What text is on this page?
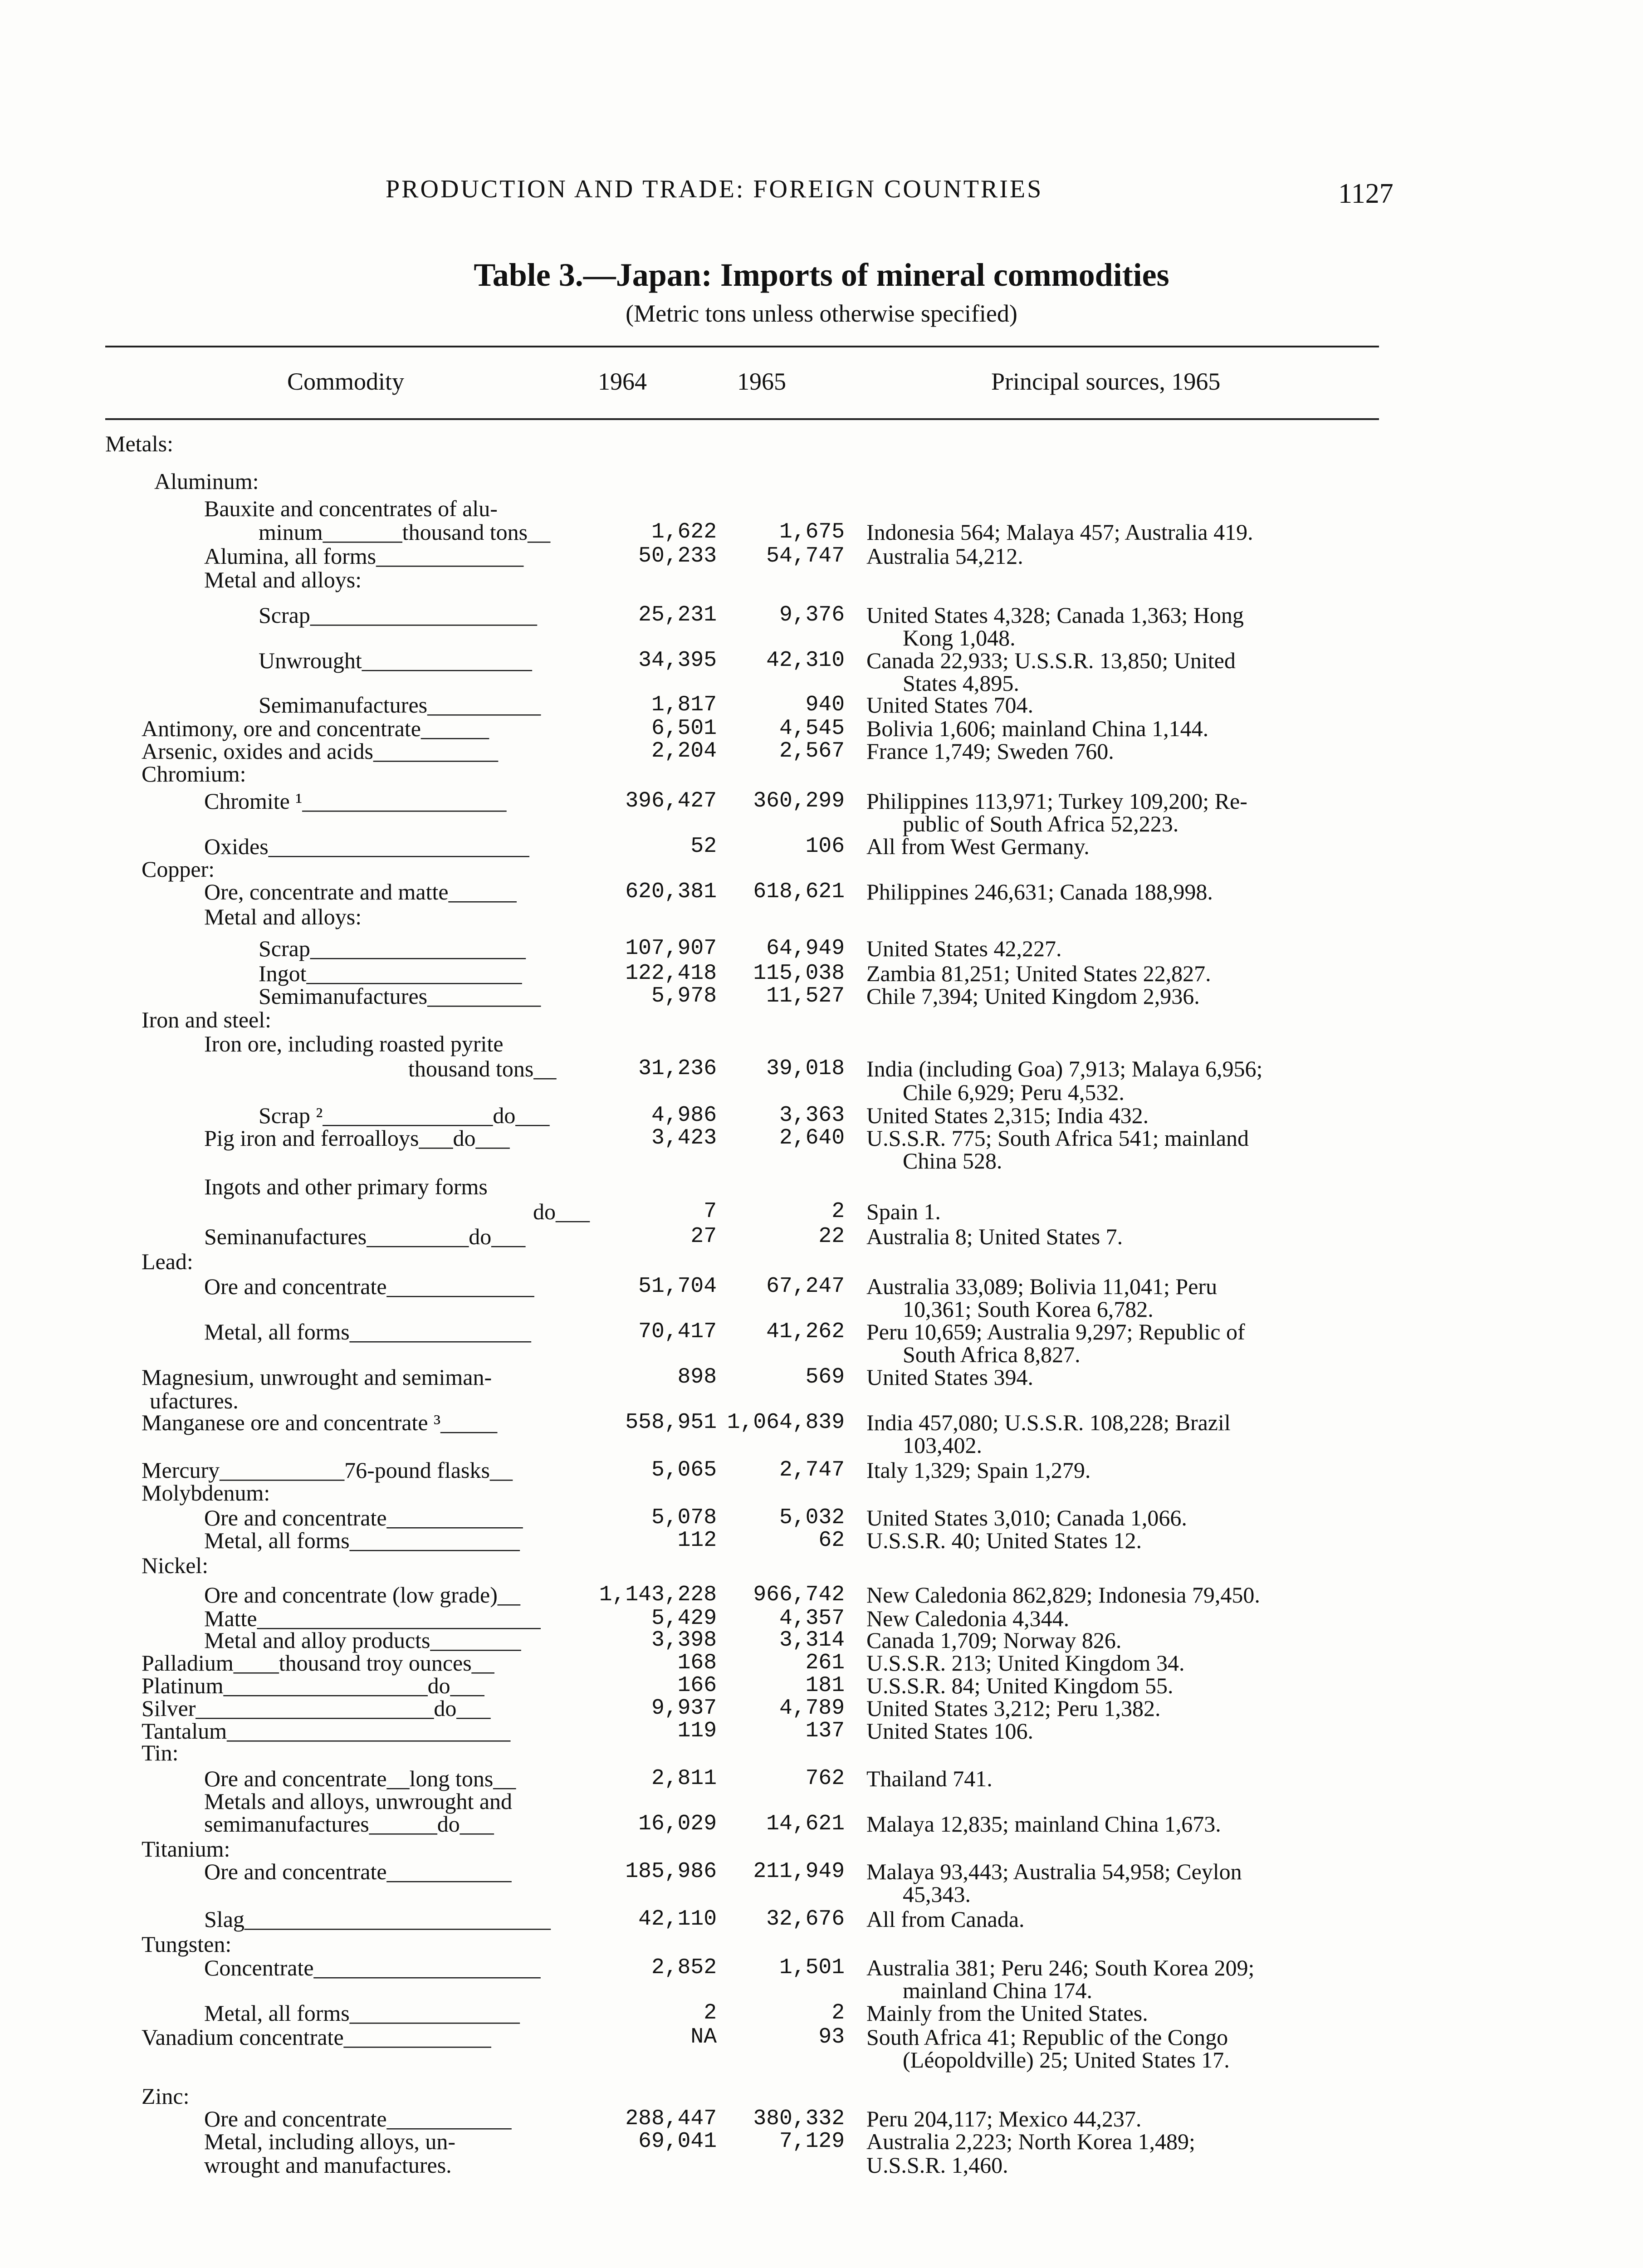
PRODUCTION AND TRADE: FOREIGN COUNTRIES	1127
Table 3.—Japan: Imports of mineral commodities
(Metric tons unless otherwise specified)
Commodity	1964	1965	Principal sources, 1965
Metals:
Aluminum:
Bauxite and concentrates of alu-
minum_______thousand tons__	1,622	1,675 Indonesia 564; Malaya 457; Australia 419.
Alumina, all forms_____________	50,233	54,747 Australia 54,212.
Metal and alloys:
Scrap____________________	25,231	9,376 United States 4,328; Canada 1,363; Hong
Kong 1,048.
Unwrought_______________	34,395	42,310 Canada 22,933; U.S.S.R. 13,850; United
States 4,895.
Semimanufactures__________	1,817	940 United States 704.
Antimony, ore and concentrate______	6,501	4,545 Bolivia 1,606; mainland China 1,144.
Arsenic, oxides and acids___________	2,204	2,567 France 1,749; Sweden 760.
Chromium:
Chromite ¹__________________	396,427	360,299 Philippines 113,971; Turkey 109,200; Re-
public of South Africa 52,223.
Oxides_______________________	52	106 All from West Germany.
Copper:
Ore, concentrate and matte______	620,381	618,621 Philippines 246,631; Canada 188,998.
Metal and alloys:
Scrap___________________	107,907	64,949 United States 42,227.
Ingot___________________	122,418	115,038 Zambia 81,251; United States 22,827.
Semimanufactures__________	5,978	11,527 Chile 7,394; United Kingdom 2,936.
Iron and steel:
Iron ore, including roasted pyrite
thousand tons__	31,236	39,018 India (including Goa) 7,913; Malaya 6,956;
Chile 6,929; Peru 4,532.
Scrap ²_______________do___	4,986	3,363 United States 2,315; India 432.
Pig iron and ferroalloys___do___	3,423	2,640 U.S.S.R. 775; South Africa 541; mainland
China 528.
Ingots and other primary forms
do___	7	2 Spain 1.
Seminanufactures_________do___	27	22 Australia 8; United States 7.
Lead:
Ore and concentrate_____________	51,704	67,247 Australia 33,089; Bolivia 11,041; Peru
10,361; South Korea 6,782.
Metal, all forms________________	70,417	41,262 Peru 10,659; Australia 9,297; Republic of
South Africa 8,827.
Magnesium, unwrought and semiman-	898	569 United States 394.
ufactures.
Manganese ore and concentrate ³_____	558,951 1,064,839 India 457,080; U.S.S.R. 108,228; Brazil
103,402.
Mercury___________76-pound flasks__	5,065	2,747 Italy 1,329; Spain 1,279.
Molybdenum:
Ore and concentrate____________	5,078	5,032 United States 3,010; Canada 1,066.
Metal, all forms_______________	112	62 U.S.S.R. 40; United States 12.
Nickel:
Ore and concentrate (low grade)__	1,143,228	966,742 New Caledonia 862,829; Indonesia 79,450.
Matte_________________________	5,429	4,357 New Caledonia 4,344.
Metal and alloy products________	3,398	3,314 Canada 1,709; Norway 826.
Palladium____thousand troy ounces__	168	261 U.S.S.R. 213; United Kingdom 34.
Platinum__________________do___	166	181 U.S.S.R. 84; United Kingdom 55.
Silver_____________________do___	9,937	4,789 United States 3,212; Peru 1,382.
Tantalum_________________________	119	137 United States 106.
Tin:
Ore and concentrate__long tons__	2,811	762 Thailand 741.
Metals and alloys, unwrought and
semimanufactures______do___	16,029	14,621 Malaya 12,835; mainland China 1,673.
Titanium:
Ore and concentrate___________	185,986	211,949 Malaya 93,443; Australia 54,958; Ceylon
45,343.
Slag___________________________	42,110	32,676 All from Canada.
Tungsten:
Concentrate____________________	2,852	1,501 Australia 381; Peru 246; South Korea 209;
mainland China 174.
Metal, all forms_______________	2	2 Mainly from the United States.
Vanadium concentrate_____________	NA	93 South Africa 41; Republic of the Congo
(Léopoldville) 25; United States 17.
Zinc:
Ore and concentrate___________	288,447	380,332 Peru 204,117; Mexico 44,237.
Metal, including alloys, un-	69,041	7,129 Australia 2,223; North Korea 1,489;
wrought and manufactures.	U.S.S.R. 1,460.
